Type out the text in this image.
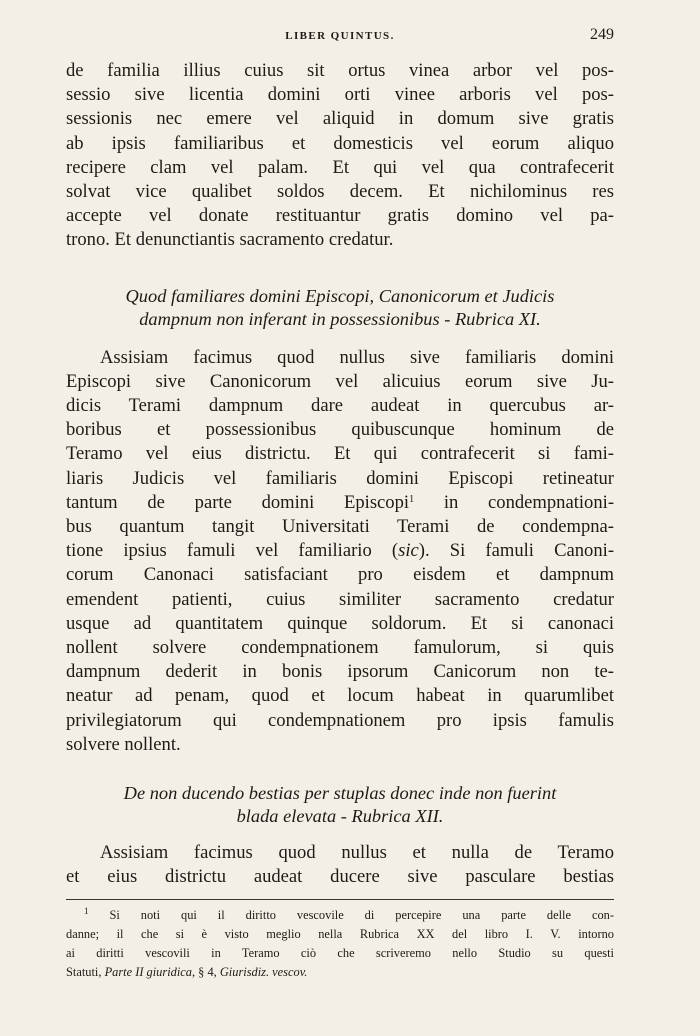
LIBER QUINTUS.	249
de familia illius cuius sit ortus vinea arbor vel pos-
sessio sive licentia domini orti vinee arboris vel pos-
sessionis nec emere vel aliquid in domum sive gratis
ab ipsis familiaribus et domesticis vel eorum aliquo
recipere clam vel palam. Et qui vel qua contrafecerit
solvat vice qualibet soldos decem. Et nichilominus res
accepte vel donate restituantur gratis domino vel pa-
trono. Et denunctiantis sacramento credatur.
Quod familiares domini Episcopi, Canonicorum et Judicis
dampnum non inferant in possessionibus - Rubrica XI.
Assisiam facimus quod nullus sive familiaris domini
Episcopi sive Canonicorum vel alicuius eorum sive Ju-
dicis Terami dampnum dare audeat in quercubus ar-
boribus et possessionibus quibuscunque hominum de
Teramo vel eius districtu. Et qui contrafecerit si fami-
liaris Judicis vel familiaris domini Episcopi retineatur
tantum de parte domini Episcopi$^1$ in condempnationi-
bus quantum tangit Universitati Terami de condempna-
tione ipsius famuli vel familiario (sic). Si famuli Canoni-
corum Canonaci satisfaciant pro eisdem et dampnum
emendent patienti, cuius similiter sacramento credatur
usque ad quantitatem quinque soldorum. Et si canonaci
nollent solvere condempnationem famulorum, si quis
dampnum dederit in bonis ipsorum Canicorum non te-
neatur ad penam, quod et locum habeat in quarumlibet
privilegiatorum qui condempnationem pro ipsis famulis
solvere nollent.
De non ducendo bestias per stuplas donec inde non fuerint
blada elevata - Rubrica XII.
Assisiam facimus quod nullus et nulla de Teramo
et eius districtu audeat ducere sive pasculare bestias
$^1$ Si noti qui il diritto vescovile di percepire una parte delle con-
danne; il che si è visto meglio nella Rubrica XX del libro I. V. intorno
ai diritti vescovili in Teramo ciò che scriveremo nello Studio su questi
Statuti, Parte II giuridica, § 4, Giurisdiz. vescov.
